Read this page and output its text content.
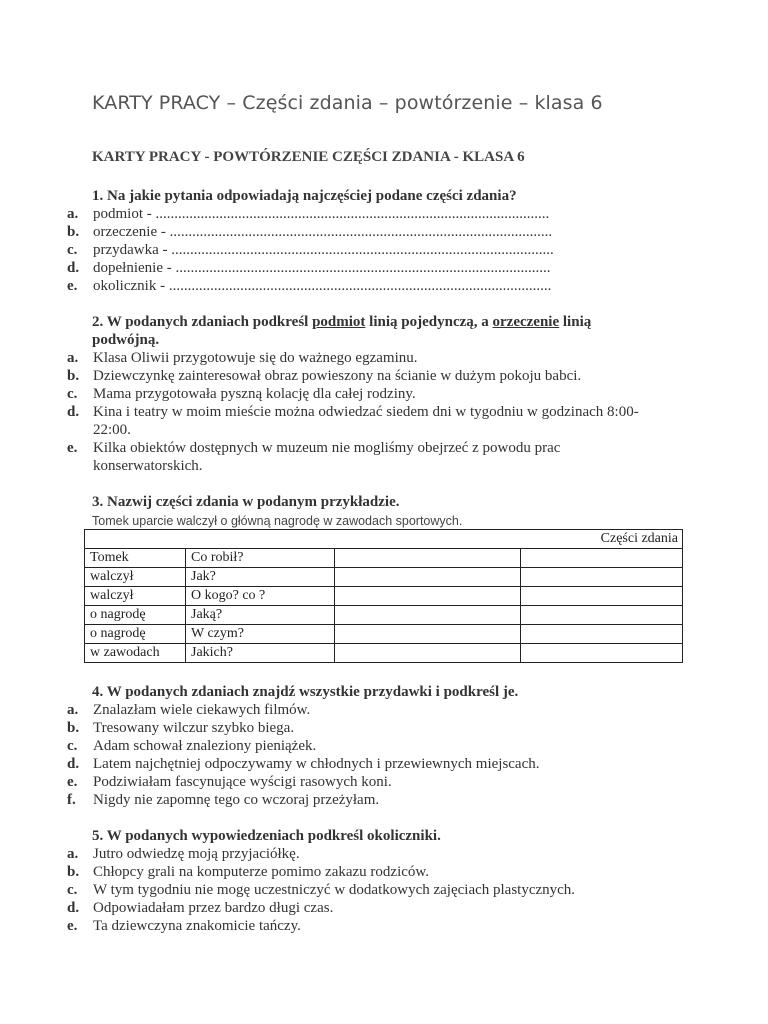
KARTY PRACY – Części zdania – powtórzenie – klasa 6
KARTY PRACY - POWTÓRZENIE CZĘŚCI ZDANIA - KLASA 6
1. Na jakie pytania odpowiadają najczęściej podane części zdania?
a. podmiot - .........................................................................................................
b. orzeczenie - ......................................................................................................
c. przydawka - ......................................................................................................
d. dopełnienie - ....................................................................................................
e. okolicznik - ......................................................................................................
2. W podanych zdaniach podkreśl podmiot linią pojedynczą, a orzeczenie linią podwójną.
a. Klasa Oliwii przygotowuje się do ważnego egzaminu.
b. Dziewczynkę zainteresował obraz powieszony na ścianie w dużym pokoju babci.
c. Mama przygotowała pyszną kolację dla całej rodziny.
d. Kina i teatry w moim mieście można odwiedzać siedem dni w tygodniu w godzinach 8:00-22:00.
e. Kilka obiektów dostępnych w muzeum nie mogliśmy obejrzeć z powodu prac konserwatorskich.
3. Nazwij części zdania w podanym przykładzie.
Tomek uparcie walczył o główną nagrodę w zawodach sportowych.
Części zdania			
Tomek	Co robił?		
walczył	Jak?		
walczył	O kogo? co ?		
o nagrodę	Jaką?		
o nagrodę	W czym?		
w zawodach	Jakich?		
4. W podanych zdaniach znajdź wszystkie przydawki i podkreśl je.
a. Znalazłam wiele ciekawych filmów.
b. Tresowany wilczur szybko biega.
c. Adam schował znaleziony pieniążek.
d. Latem najchętniej odpoczywamy w chłodnych i przewiewnych miejscach.
e. Podziwiałam fascynujące wyścigi rasowych koni.
f. Nigdy nie zapomnę tego co wczoraj przeżyłam.
5. W podanych wypowiedzeniach podkreśl okoliczniki.
a. Jutro odwiedzę moją przyjaciółkę.
b. Chłopcy grali na komputerze pomimo zakazu rodziców.
c. W tym tygodniu nie mogę uczestniczyć w dodatkowych zajęciach plastycznych.
d. Odpowiadałam przez bardzo długi czas.
e. Ta dziewczyna znakomicie tańczy.
